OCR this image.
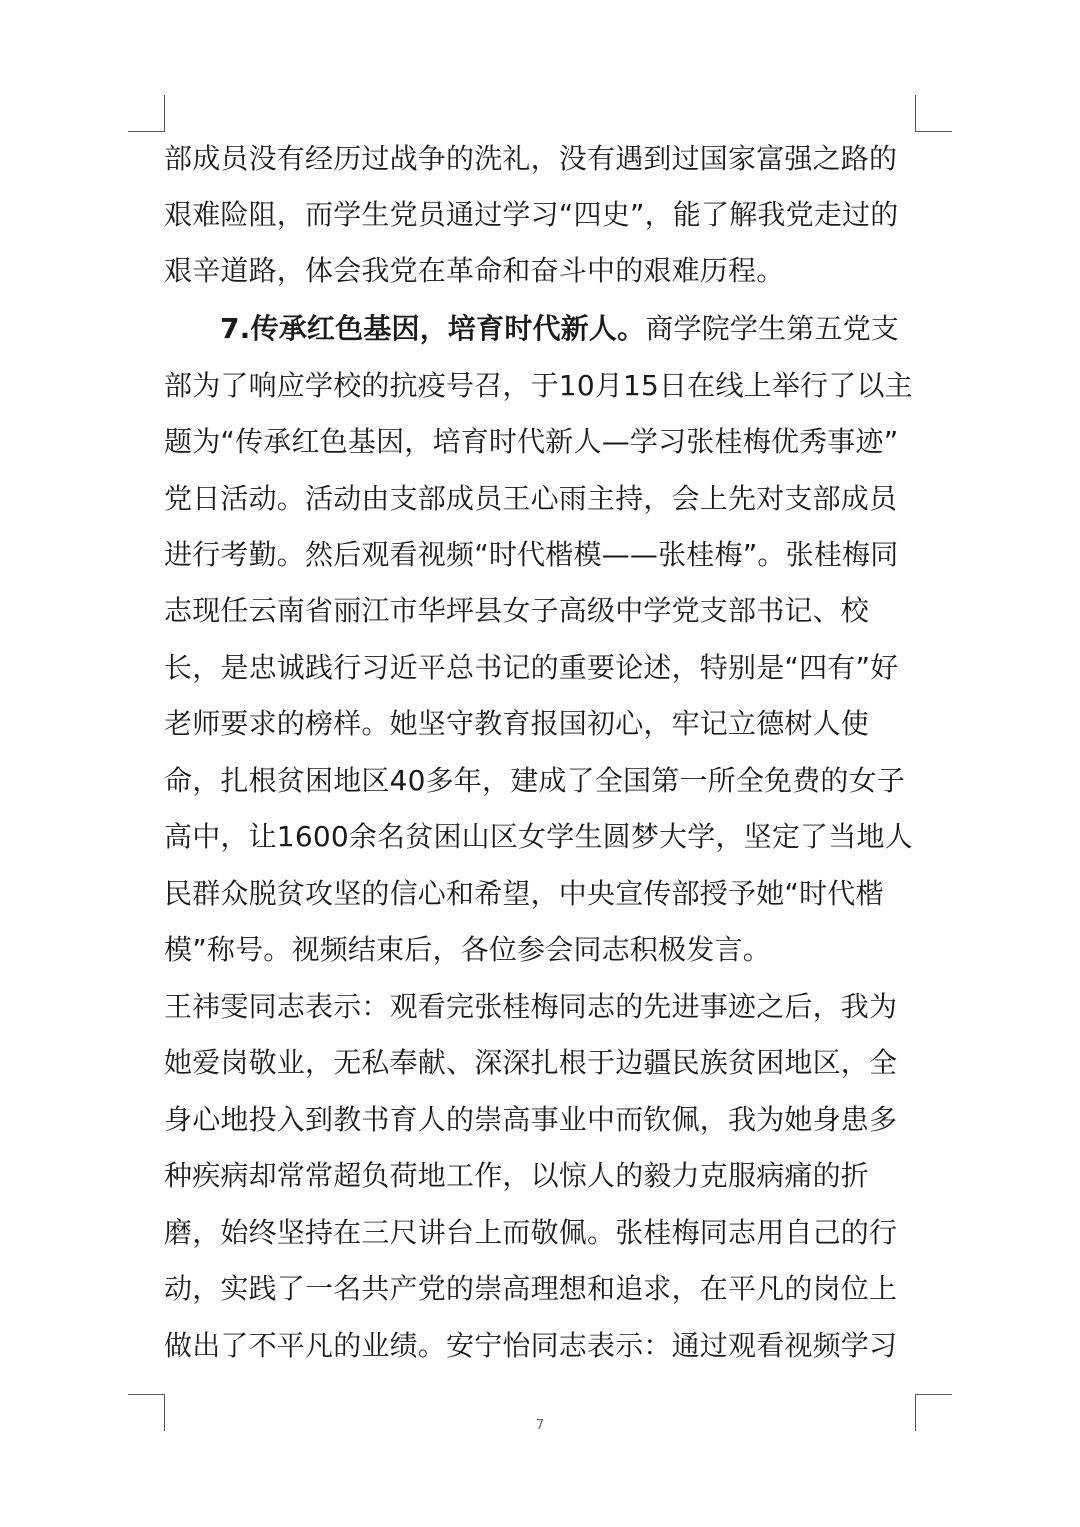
部成员没有经历过战争的洗礼，没有遇到过国家富强之路的
艰难险阻，而学生党员通过学习“四史”，能了解我党走过的
艰辛道路，体会我党在革命和奋斗中的艰难历程。
7.传承红色基因，培育时代新人。商学院学生第五党支
部为了响应学校的抗疫号召，于10月15日在线上举行了以主
题为“传承红色基因，培育时代新人—学习张桂梅优秀事迹”
党日活动。活动由支部成员王心雨主持，会上先对支部成员
进行考勤。然后观看视频“时代楷模——张桂梅”。张桂梅同
志现任云南省丽江市华坪县女子高级中学党支部书记、校
长，是忠诚践行习近平总书记的重要论述，特别是“四有”好
老师要求的榜样。她坚守教育报国初心，牢记立德树人使
命，扎根贫困地区40多年，建成了全国第一所全免费的女子
高中，让1600余名贫困山区女学生圆梦大学，坚定了当地人
民群众脱贫攻坚的信心和希望，中央宣传部授予她“时代楷
模”称号。视频结束后，各位参会同志积极发言。
王祎雯同志表示：观看完张桂梅同志的先进事迹之后，我为
她爱岗敬业，无私奉献、深深扎根于边疆民族贫困地区，全
身心地投入到教书育人的崇高事业中而钦佩，我为她身患多
种疾病却常常超负荷地工作，以惊人的毅力克服病痛的折
磨，始终坚持在三尺讲台上而敬佩。张桂梅同志用自己的行
动，实践了一名共产党的崇高理想和追求，在平凡的岗位上
做出了不平凡的业绩。安宁怡同志表示：通过观看视频学习
7
